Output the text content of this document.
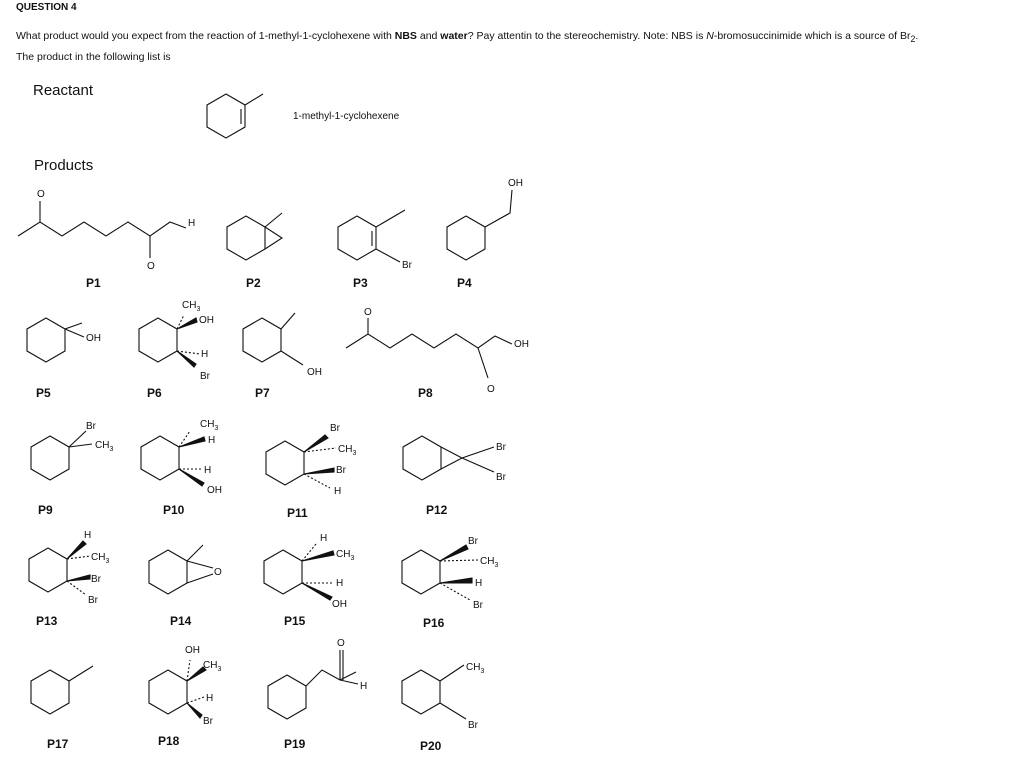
QUESTION 4
What product would you expect from the reaction of 1-methyl-1-cyclohexene with NBS and water? Pay attentin to the stereochemistry. Note: NBS is N-bromosuccinimide which is a source of $Br_2$.
The product in the following list is
Reactant
Products
P1	P2	P3	P4
P5	P6	P7	P8
P9	P10	P11	P12
P13	P14	P15	P16
P17	P18	P19	P20
1-methyl-1-cyclohexene
O
H
O	Br
OH
OH
$CH_3$
OH
H
Br	OH
O
OH
O
Br
$CH_3$
$CH_3$
H
H
OH
Br
$CH_3$
Br
H
Br
Br
H
$CH_3$
Br
Br
O
H
$CH_3$
H
OH
Br
$CH_3$
H
Br
OH
$CH_3$
H
Br
O
H
$CH_3$
Br
